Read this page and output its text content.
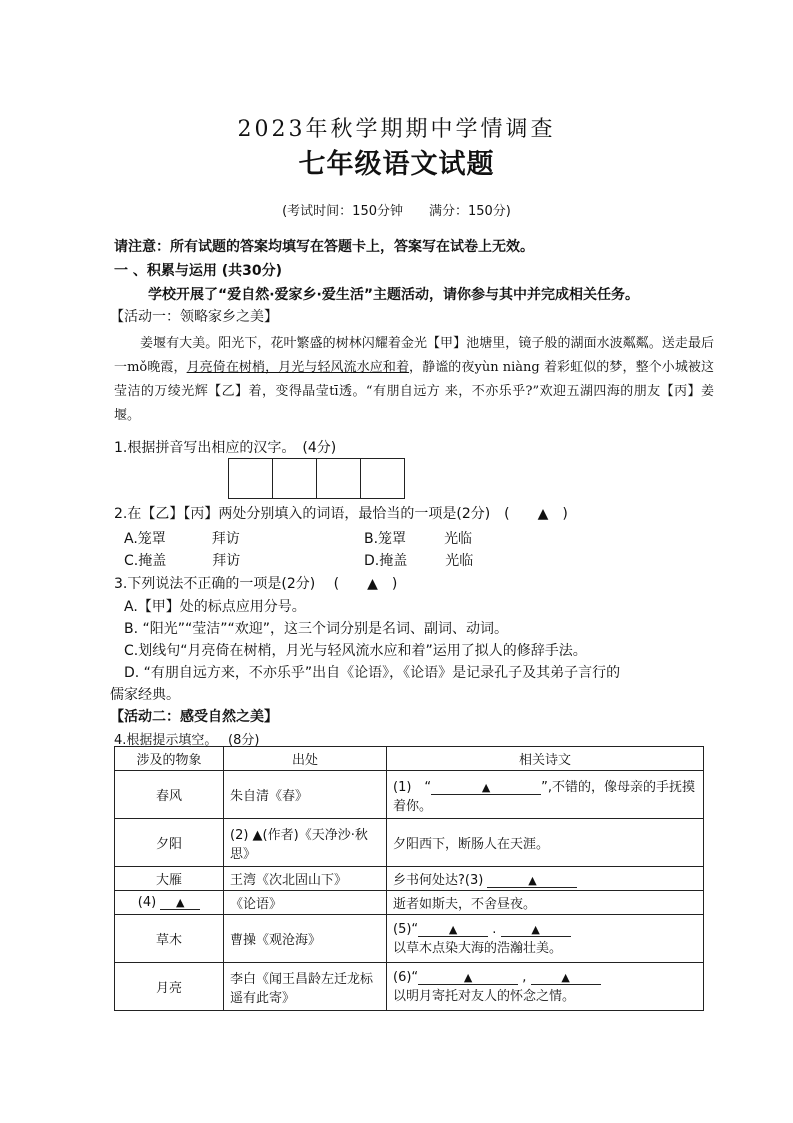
2023年秋学期期中学情调查
七年级语文试题
(考试时间：150分钟　　满分：150分)
请注意：所有试题的答案均填写在答题卡上，答案写在试卷上无效。
一 、积累与运用 (共30分)
学校开展了“爱自然·爱家乡·爱生活”主题活动，请你参与其中并完成相关任务。
【活动一：领略家乡之美】
姜堰有大美。阳光下，花叶繁盛的树林闪耀着金光【甲】池塘里，镜子般的湖面水波粼粼。送走最后一mǒ晚霞，月亮倚在树梢，月光与轻风流水应和着，静谧的夜yùn niàng 着彩虹似的梦，整个小城被这莹洁的万绫光辉【乙】着，变得晶莹tī透。“有朋自远方 来，不亦乐乎?”欢迎五湖四海的朋友【丙】姜堰。
1.根据拼音写出相应的汉字。　(4分)
2.在【乙】【丙】两处分别填入的词语，最恰当的一项是(2分)　(　　▲　)
A.笼罩	拜访	B.笼罩	光临
C.掩盖	拜访	D.掩盖	光临
3.下列说法不正确的一项是(2分)　 (　　▲　)
A.【甲】处的标点应用分号。
B. “阳光”“莹洁”“欢迎”，这三个词分别是名词、副词、动词。
C.划线句“月亮倚在树梢，月光与轻风流水应和着”运用了拟人的修辞手法。
D. “有朋自远方来，不亦乐乎”出自《论语》，《论语》是记录孔子及其弟子言行的
儒家经典。
【活动二：感受自然之美】
4.根据提示填空。　 (8分)
涉及的物象	出处	相关诗文
春风	朱自清《春》	(1)　“ ▲ ”,不错的，像母亲的手抚摸着你。
夕阳	(2) ▲(作者)《天净沙·秋思》	夕阳西下，断肠人在天涯。
大雁	王湾《次北固山下》	乡书何处达?(3) ▲
(4) ▲	《论语》	逝者如斯夫，不舍昼夜。
草木	曹操《观沧海》	(5)“ ▲ . ▲
以草木点染大海的浩瀚壮美。
月亮	李白《闻王昌龄左迁龙标遥有此寄》	(6)“ ▲ , ▲
以明月寄托对友人的怀念之情。
